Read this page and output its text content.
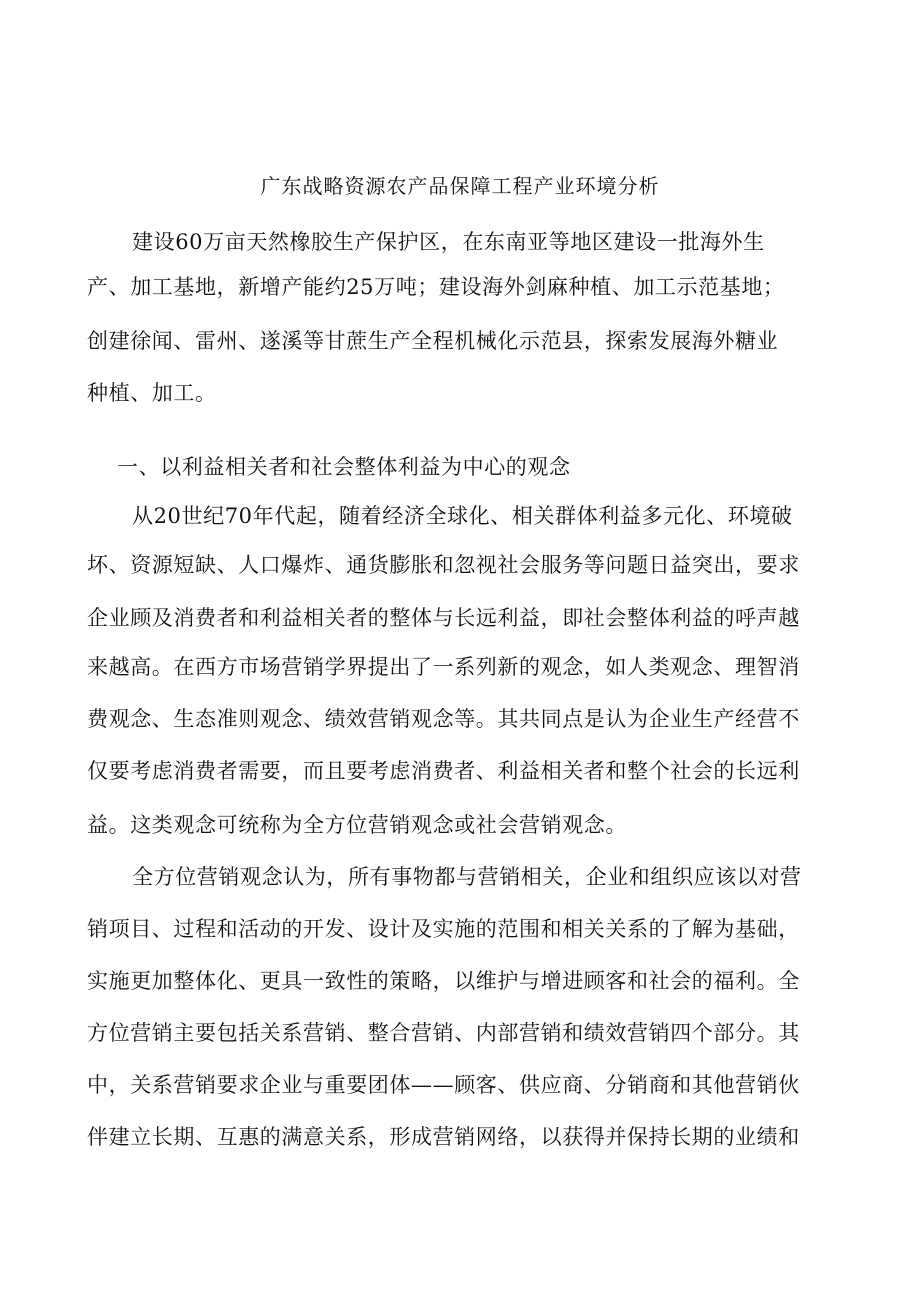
广东战略资源农产品保障工程产业环境分析
建设60万亩天然橡胶生产保护区，在东南亚等地区建设一批海外生
产、加工基地，新增产能约25万吨；建设海外剑麻种植、加工示范基地；
创建徐闻、雷州、遂溪等甘蔗生产全程机械化示范县，探索发展海外糖业
种植、加工。
一、以利益相关者和社会整体利益为中心的观念
从20世纪70年代起，随着经济全球化、相关群体利益多元化、环境破
坏、资源短缺、人口爆炸、通货膨胀和忽视社会服务等问题日益突出，要求
企业顾及消费者和利益相关者的整体与长远利益，即社会整体利益的呼声越
来越高。在西方市场营销学界提出了一系列新的观念，如人类观念、理智消
费观念、生态准则观念、绩效营销观念等。其共同点是认为企业生产经营不
仅要考虑消费者需要，而且要考虑消费者、利益相关者和整个社会的长远利
益。这类观念可统称为全方位营销观念或社会营销观念。
全方位营销观念认为，所有事物都与营销相关，企业和组织应该以对营
销项目、过程和活动的开发、设计及实施的范围和相关关系的了解为基础，
实施更加整体化、更具一致性的策略，以维护与增进顾客和社会的福利。全
方位营销主要包括关系营销、整合营销、内部营销和绩效营销四个部分。其
中，关系营销要求企业与重要团体——顾客、供应商、分销商和其他营销伙
伴建立长期、互惠的满意关系，形成营销网络，以获得并保持长期的业绩和
